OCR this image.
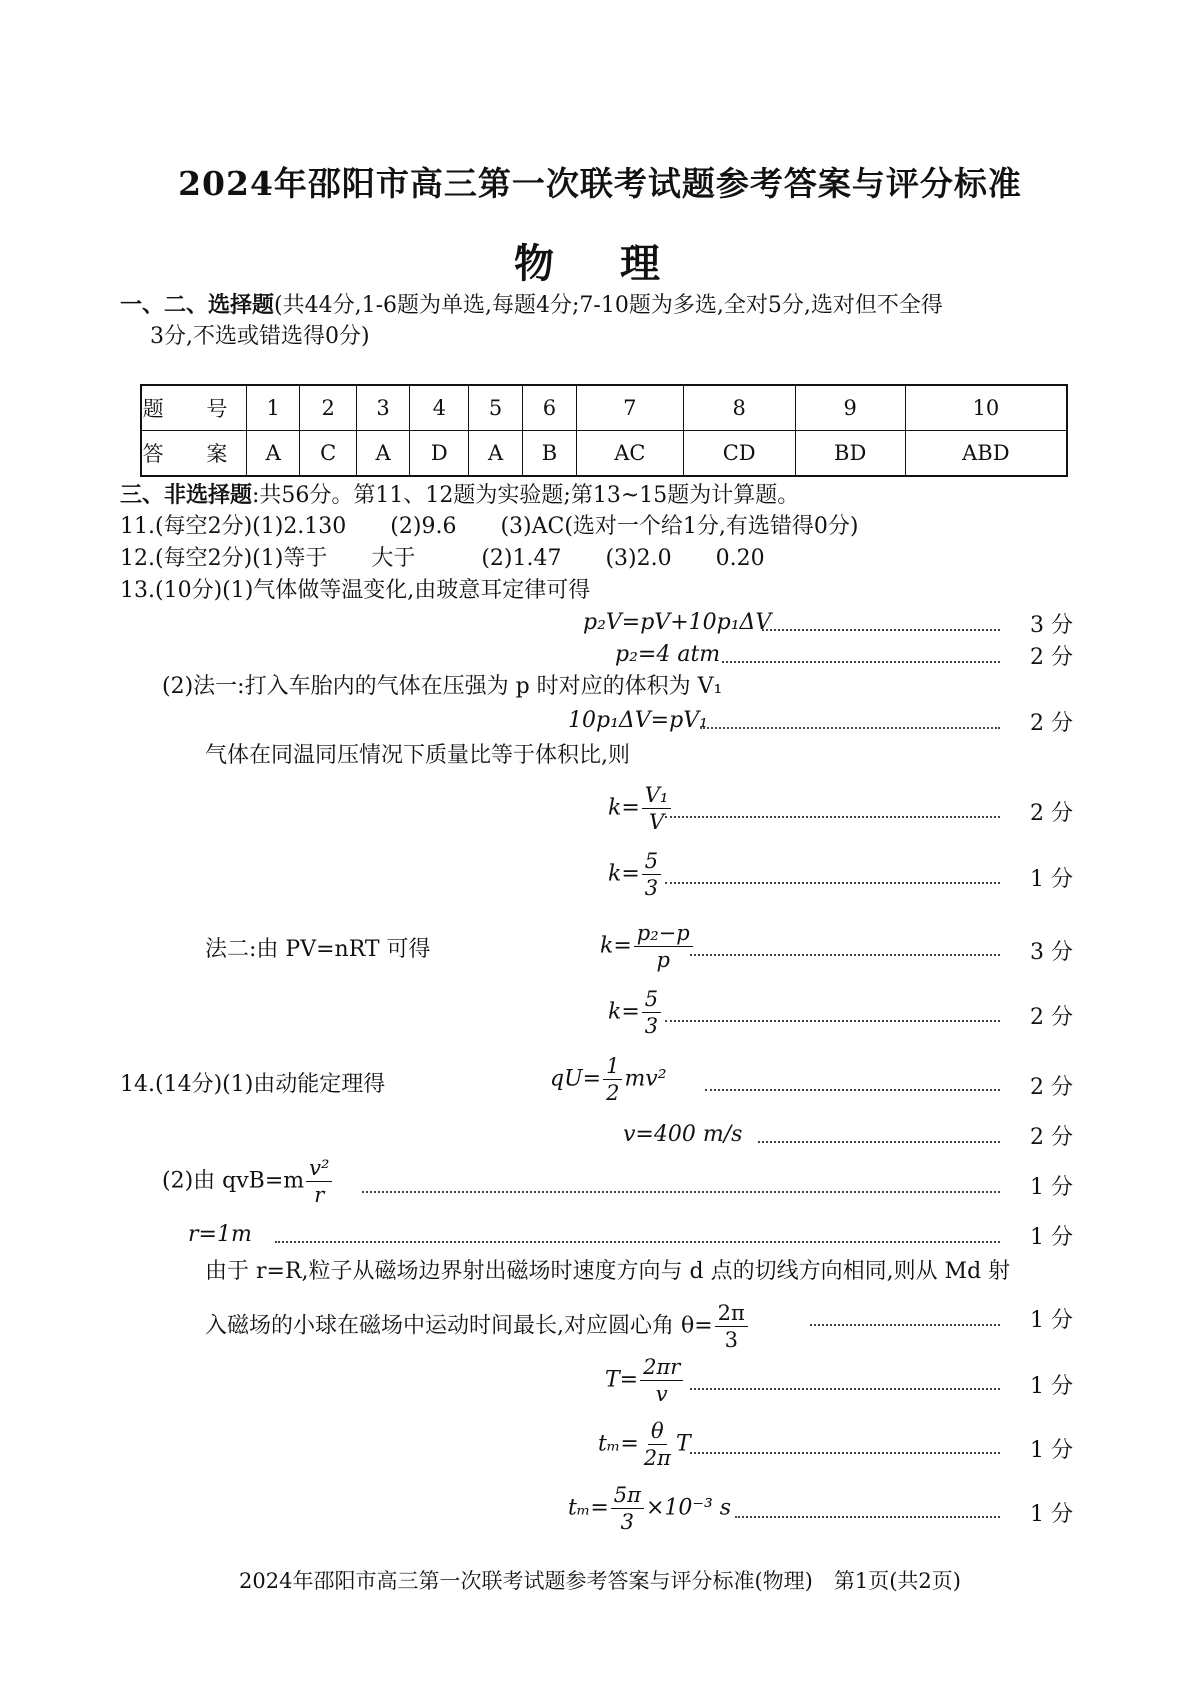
2024年邵阳市高三第一次联考试题参考答案与评分标准
物 理
一、二、选择题(共44分,1-6题为单选,每题4分;7-10题为多选,全对5分,选对但不全得
3分,不选或错选得0分)
题 号	1	2	3	4	5	6	7	8	9	10
答 案	A	C	A	D	A	B	AC	CD	BD	ABD
三、非选择题:共56分。第11、12题为实验题;第13~15题为计算题。
11.(每空2分)(1)2.130　　(2)9.6　　(3)AC(选对一个给1分,有选错得0分)
12.(每空2分)(1)等于　　大于　　　(2)1.47　　(3)2.0　　0.20
13.(10分)(1)气体做等温变化,由玻意耳定律可得
p₂V=pV+10p₁ΔV	3 分
p₂=4 atm	2 分
(2)法一:打入车胎内的气体在压强为 p 时对应的体积为 V₁
10p₁ΔV=pV₁	2 分
气体在同温同压情况下质量比等于体积比,则
$k= \frac{\text{V₁}}{V}$	2 分
$k= \frac{5}{3}$	1 分
法二:由 PV=nRT 可得	$k= \frac{\text{p₂−p}}{p}$	3 分
$k= \frac{5}{3}$	2 分
14.(14分)(1)由动能定理得	$qU= \frac{1}{2} mv^2$	2 分
v=400 m/s	2 分
(2)由 $qvB=m \frac{\text{v²}}{r}$	1 分
r=1m	1 分
由于 r=R,粒子从磁场边界射出磁场时速度方向与 d 点的切线方向相同,则从 Md 射
入磁场的小球在磁场中运动时间最长,对应圆心角 $\theta= \frac{2\pi}{3}$	1 分
$T= \frac{2\pi r}{v}$	1 分
$t_m= \frac{\theta}{2\pi}$ T	1 分
$t_m= \frac{5\pi}{3} \times 10^{-3}$ s	1 分
2024年邵阳市高三第一次联考试题参考答案与评分标准(物理)　第1页(共2页)
